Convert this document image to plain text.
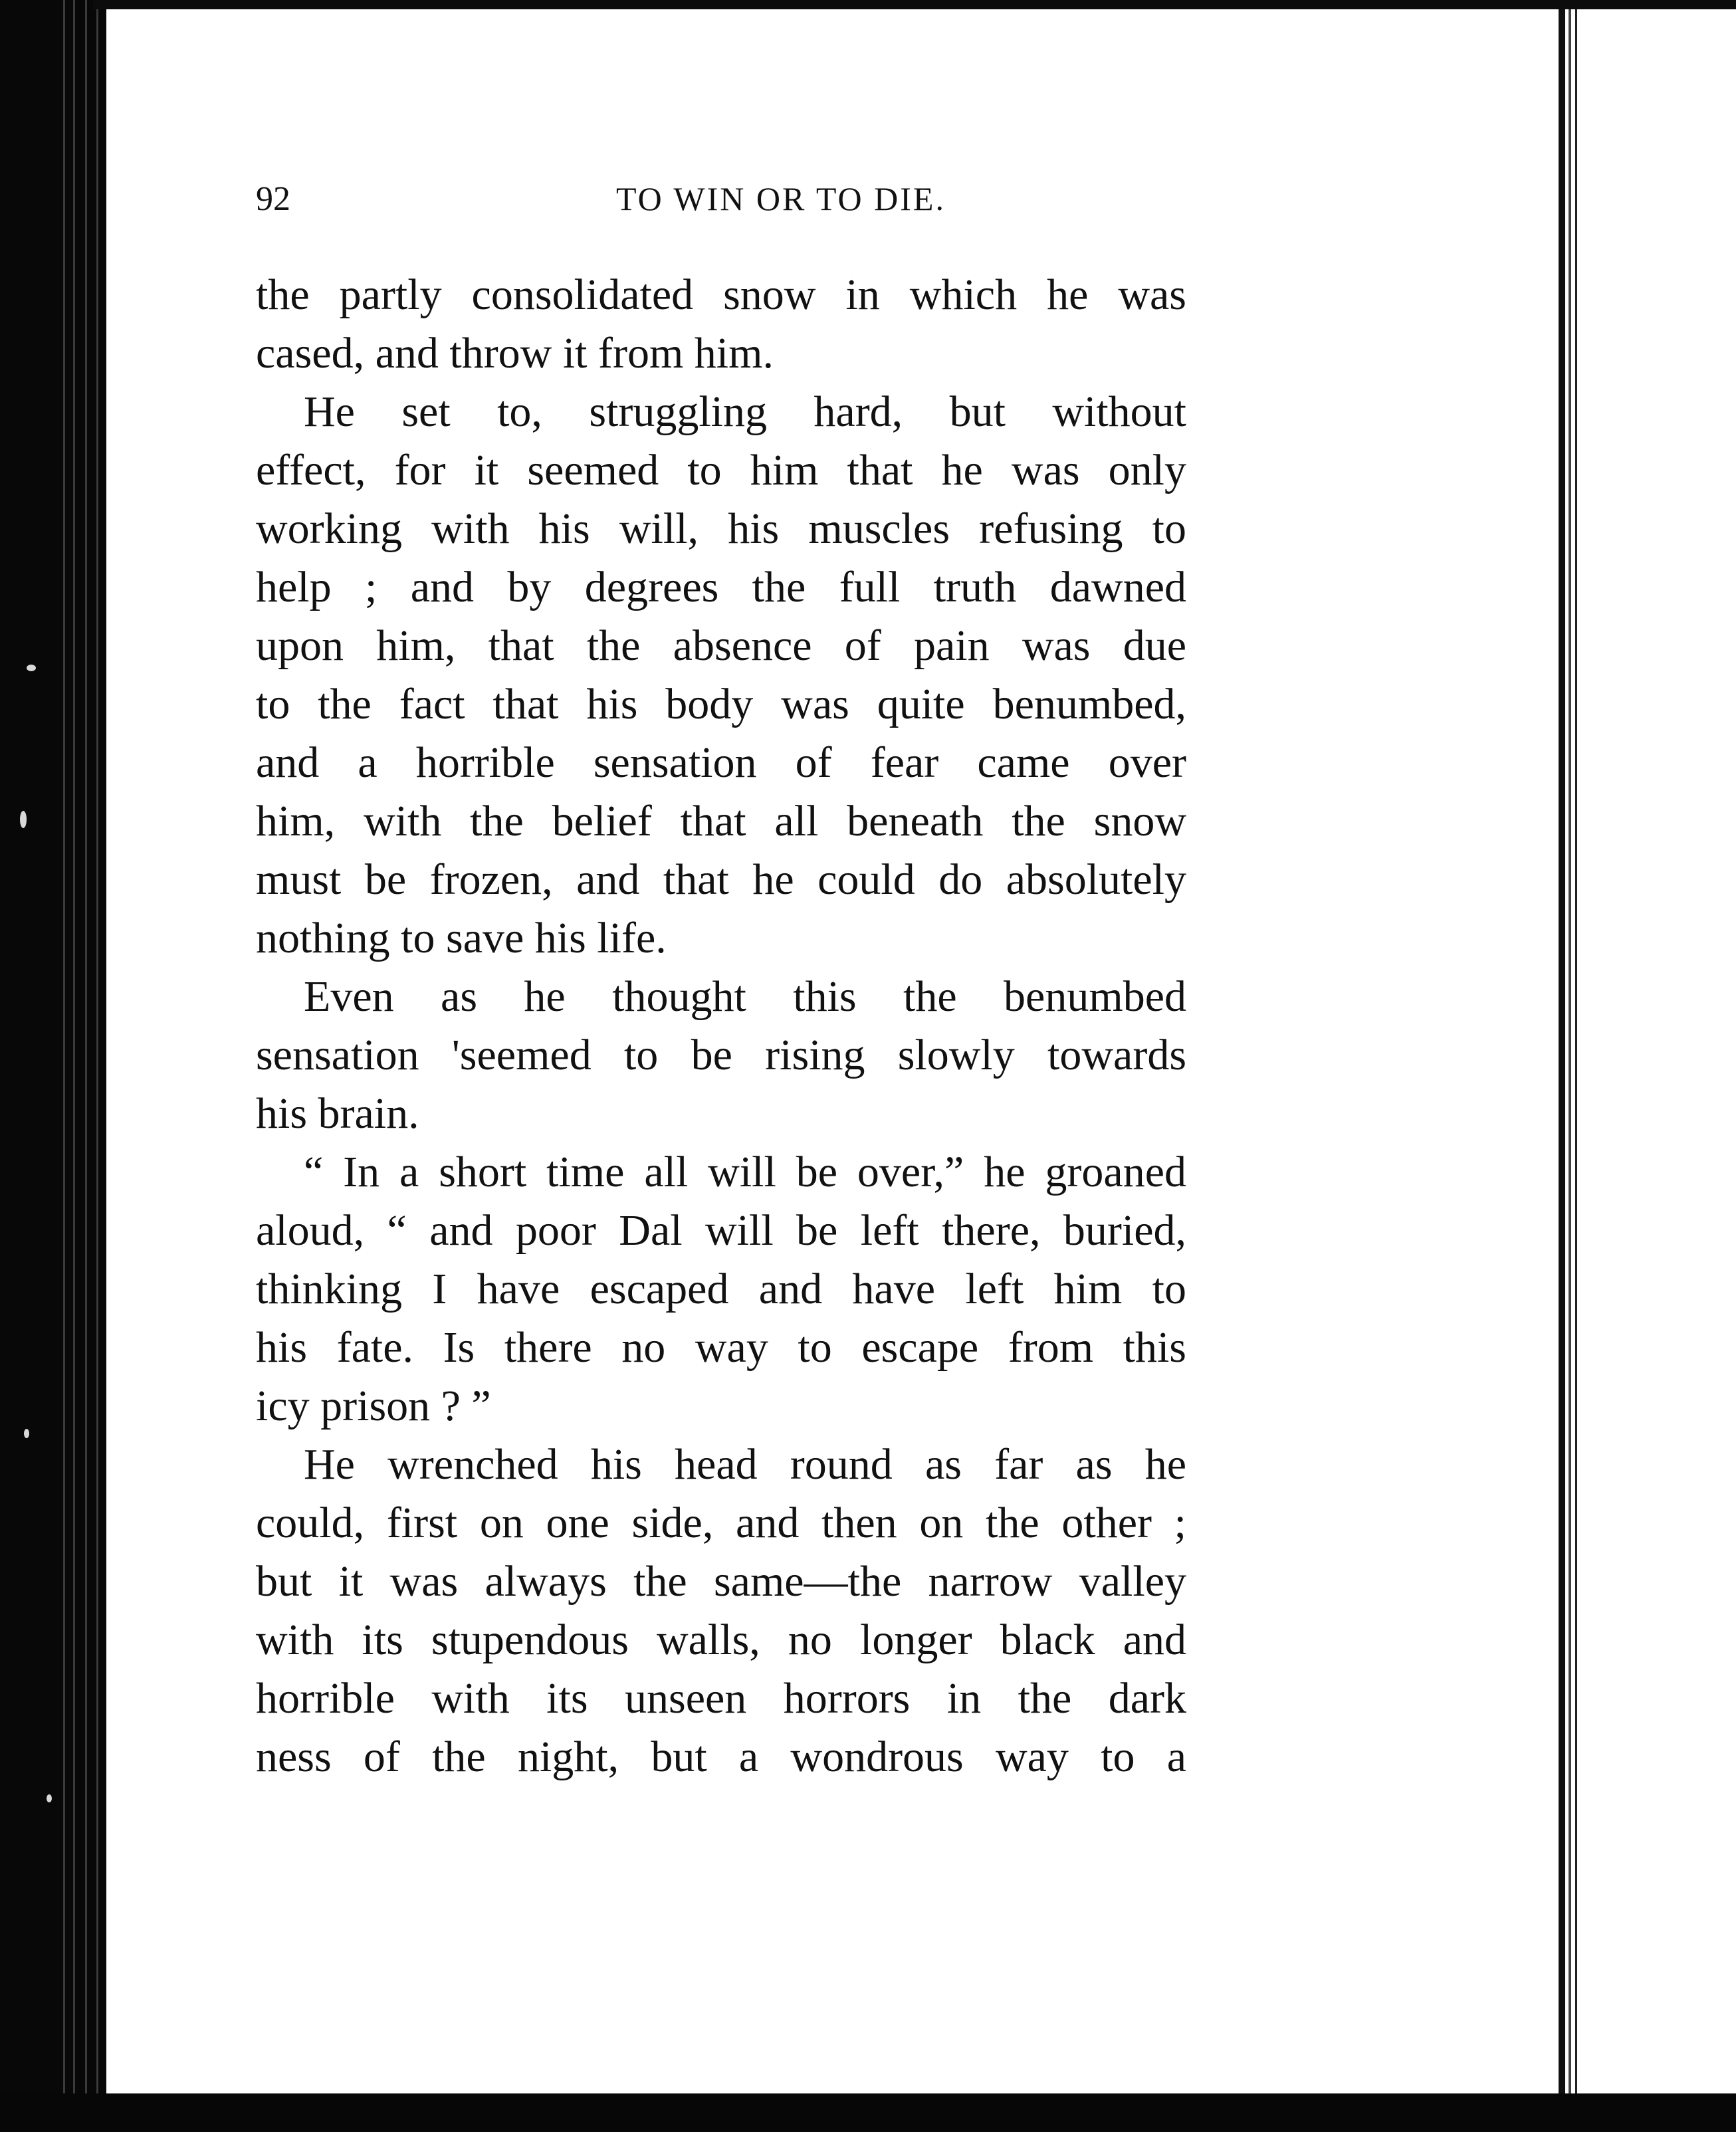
92	TO WIN OR TO DIE.
the partly consolidated snow in which he was
cased, and throw it from him.
He set to, struggling hard, but without
effect, for it seemed to him that he was only
working with his will, his muscles refusing to
help ; and by degrees the full truth dawned
upon him, that the absence of pain was due
to the fact that his body was quite benumbed,
and a horrible sensation of fear came over
him, with the belief that all beneath the snow
must be frozen, and that he could do absolutely
nothing to save his life.
Even as he thought this the benumbed
sensation 'seemed to be rising slowly towards
his brain.
“ In a short time all will be over,” he groaned
aloud, “ and poor Dal will be left there, buried,
thinking I have escaped and have left him to
his fate. Is there no way to escape from this
icy prison ? ”
He wrenched his head round as far as he
could, first on one side, and then on the other ;
but it was always the same—the narrow valley
with its stupendous walls, no longer black and
horrible with its unseen horrors in the dark
ness of the night, but a wondrous way to a
